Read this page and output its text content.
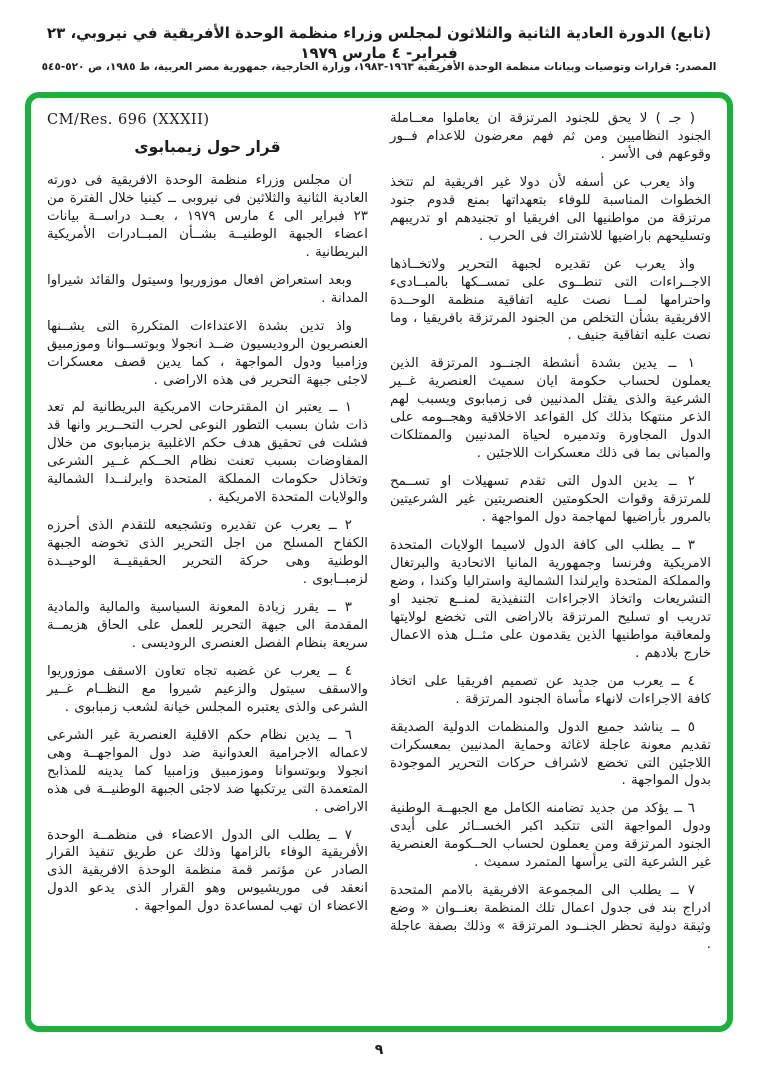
(تابع) الدورة العادية الثانية والثلاثون لمجلس وزراء منظمة الوحدة الأفريقية في نيروبي، ٢٣ فبراير- ٤ مارس ١٩٧٩
المصدر: قرارات وتوصيات وبيانات منظمة الوحدة الأفريقية ١٩٦٣-١٩٨٣، وزارة الخارجية، جمهورية مصر العربية، ط ١٩٨٥، ص ٥٢٠-٥٤٥

( جـ ) لا يحق للجنود المرتزقة ان يعاملوا معــاملة الجنود النظاميين ومن ثم فهم معرضون للاعدام فــور وقوعهم فى الأسر .

واذ يعرب عن أسفه لأن دولا غير افريقية لم تتخذ الخطوات المناسبة للوفاء بتعهداتها بمنع قدوم جنود مرتزقة من مواطنيها الى افريقيا او تجنيدهم او تدريبهم وتسليحهم باراضيها للاشتراك فى الحرب .

واذ يعرب عن تقديره لجبهة التحرير ولاتخــاذها الاجــراءات التى تنطــوى على تمســكها بالمبــادىء واحترامها لمــا نصت عليه اتفاقية منظمة الوحــدة الافريقية بشأن التخلص من الجنود المرتزقة بافريقيا ، وما نصت عليه اتفاقية جنيف .

١ ــ يدين بشدة أنشطة الجنــود المرتزقة الذين يعملون لحساب حكومة ايان سميث العنصرية غــير الشرعية والذى يقتل المدنيين فى زمبابوى ويسبب لهم الذعر منتهكا بذلك كل القواعد الاخلاقية وهجــومه على الدول المجاورة وتدميره لحياة المدنيين والممتلكات والمبانى بما فى ذلك معسكرات اللاجئين .

٢ ــ يدين الدول التى تقدم تسهيلات او تســمح للمرتزقة وقوات الحكومتين العنصريتين غير الشرعيتين بالمرور بأراضيها لمهاجمة دول المواجهة .

٣ ــ يطلب الى كافة الدول لاسيما الولايات المتحدة الامريكية وفرنسا وجمهورية المانيا الاتحادية والبرتغال والمملكة المتحدة وايرلندا الشمالية واستراليا وكندا ، وضع التشريعات واتخاذ الاجراءات التنفيذية لمنــع تجنيد او تدريب او تسليح المرتزقة بالاراضى التى تخضع لولايتها ولمعاقبة مواطنيها الذين يقدمون على مثــل هذه الاعمال خارج بلادهم .

٤ ــ يعرب من جديد عن تصميم افريقيا على اتخاذ كافة الاجراءات لانهاء مأساة الجنود المرتزقة .

٥ ــ يناشد جميع الدول والمنظمات الدولية الصديقة تقديم معونة عاجلة لاغاثة وحماية المدنيين بمعسكرات اللاجئين التى تخضع لاشراف حركات التحرير الموجودة بدول المواجهة .

٦ ــ يؤكد من جديد تضامنه الكامل مع الجبهــة الوطنية ودول المواجهة التى تتكبد اكبر الخســائر على أيدى الجنود المرتزقة ومن يعملون لحساب الحــكومة العنصرية غير الشرعية التى يرأسها المتمرد سميث .

٧ ــ يطلب الى المجموعة الافريقية بالامم المتحدة ادراج بند فى جدول اعمال تلك المنظمة بعنــوان « وضع وثيقة دولية تحظر الجنــود المرتزقة » وذلك بصفة عاجلة .

CM/Res. 696 (XXXII)
قرار حول زيمبابوى

ان مجلس وزراء منظمة الوحدة الافريقية فى دورته العادية الثانية والثلاثين فى نيروبى ــ كينيا خلال الفترة من ٢٣ فبراير الى ٤ مارس ١٩٧٩ ، بعــد دراســة بيانات اعضاء الجبهة الوطنيــة بشــأن المبــادرات الأمريكية البريطانية .

وبعد استعراض افعال موزوريوا وسيتول والقائد شيراوا المدانة .

واذ تدين بشدة الاعتداءات المتكررة التى يشــنها العنصريون الروديسيون ضــد انجولا وبوتســوانا وموزمبيق وزامبيا ودول المواجهة ، كما يدين قصف معسكرات لاجئى جبهة التحرير فى هذه الاراضى .

١ ــ يعتبر ان المقترحات الامريكية البريطانية لم تعد ذات شان بسبب التطور النوعى لحرب التحــرير وانها قد فشلت فى تحقيق هدف حكم الاغلبية بزمبابوى من خلال المفاوضات بسبب تعنت نظام الحــكم غــير الشرعى وتخاذل حكومات المملكة المتحدة وايرلنــدا الشمالية والولايات المتحدة الامريكية .

٢ ــ يعرب عن تقديره وتشجيعه للتقدم الذى أحرزه الكفاح المسلح من اجل التحرير الذى تخوضه الجبهة الوطنية وهى حركة التحرير الحقيقيــة الوحيــدة لزمبــابوى .

٣ ــ يقرر زيادة المعونة السياسية والمالية والمادية المقدمة الى جبهة التحرير للعمل على الحاق هزيمــة سريعة بنظام الفصل العنصرى الروديسى .

٤ ــ يعرب عن غضبه تجاه تعاون الاسقف موزوريوا والاسقف سيتول والزعيم شيروا مع النظــام غــير الشرعى والذى يعتبره المجلس خيانة لشعب زمبابوى .

٦ ــ يدين نظام حكم الاقلية العنصرية غير الشرعى لاعماله الاجرامية العدوانية ضد دول المواجهــة وهى انجولا وبوتسوانا وموزمبيق وزامبيا كما يدينه للمذابح المتعمدة التى يرتكبها ضد لاجئى الجبهة الوطنيــة فى هذه الاراضى .

٧ ــ يطلب الى الدول الاعضاء فى منظمــة الوحدة الأفريقية الوفاء بالزامها وذلك عن طريق تنفيذ القرار الصادر عن مؤتمر قمة منظمة الوحدة الافريقية الذى انعقد فى موريشيوس وهو القرار الذى يدعو الدول الاعضاء ان تهب لمساعدة دول المواجهة .

٩
